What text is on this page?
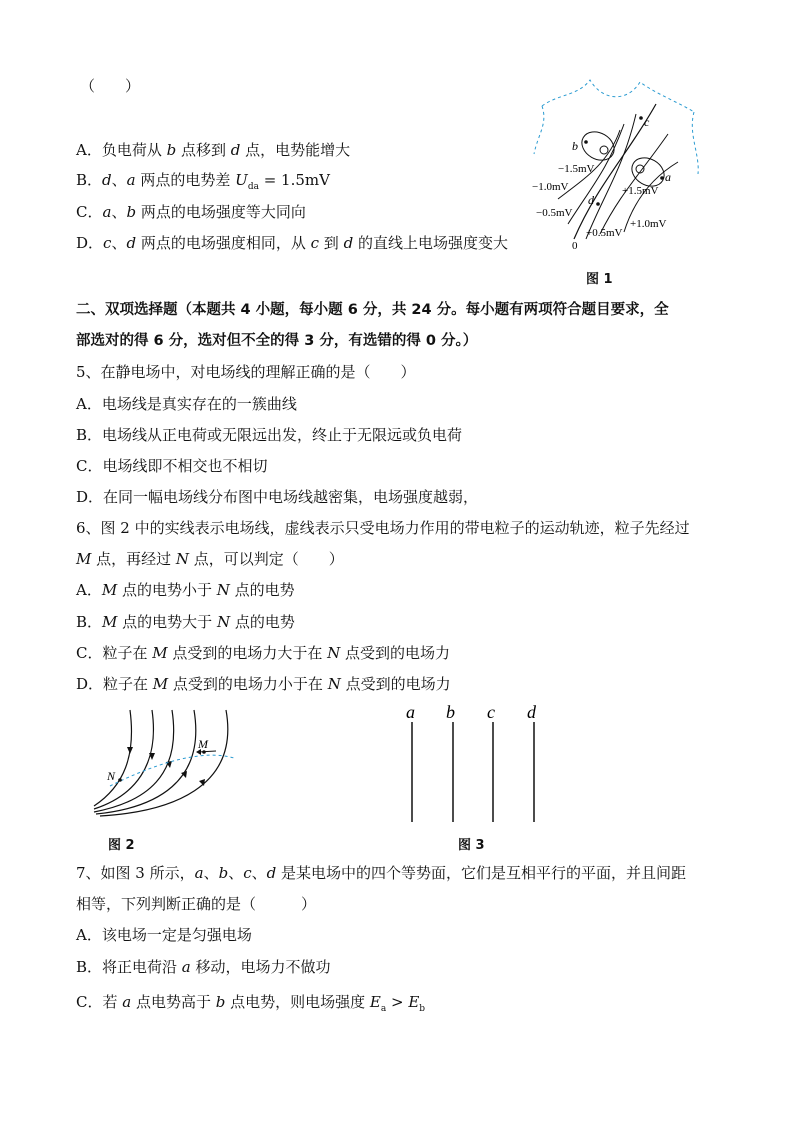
（　　）
A．负电荷从 b 点移到 d 点，电势能增大
B．d、a 两点的电势差 $U_{da} = 1.5mV$
C．a、b 两点的电场强度等大同向
D．c、d 两点的电场强度相同，从 c 到 d 的直线上电场强度变大
c
b
a
d
−1.5mV
−1.0mV
−0.5mV
0
+0.5mV
+1.0mV
+1.5mV
图 1
二、双项选择题（本题共 4 小题，每小题 6 分，共 24 分。每小题有两项符合题目要求，全
部选对的得 6 分，选对但不全的得 3 分，有选错的得 0 分。）
5、在静电场中，对电场线的理解正确的是（　　）
A．电场线是真实存在的一簇曲线
B．电场线从正电荷或无限远出发，终止于无限远或负电荷
C．电场线即不相交也不相切
D．在同一幅电场线分布图中电场线越密集，电场强度越弱，
6、图 2 中的实线表示电场线，虚线表示只受电场力作用的带电粒子的运动轨迹，粒子先经过
M 点，再经过 N 点，可以判定（　　）
A．M 点的电势小于 N 点的电势
B．M 点的电势大于 N 点的电势
C．粒子在 M 点受到的电场力大于在 N 点受到的电场力
D．粒子在 M 点受到的电场力小于在 N 点受到的电场力
M
N
图 2
a b c d
图 3
7、如图 3 所示，a、b、c、d 是某电场中的四个等势面，它们是互相平行的平面，并且间距
相等，下列判断正确的是（　　　）
A．该电场一定是匀强电场
B．将正电荷沿 a 移动，电场力不做功
C．若 a 点电势高于 b 点电势，则电场强度 $E_a > E_b$
